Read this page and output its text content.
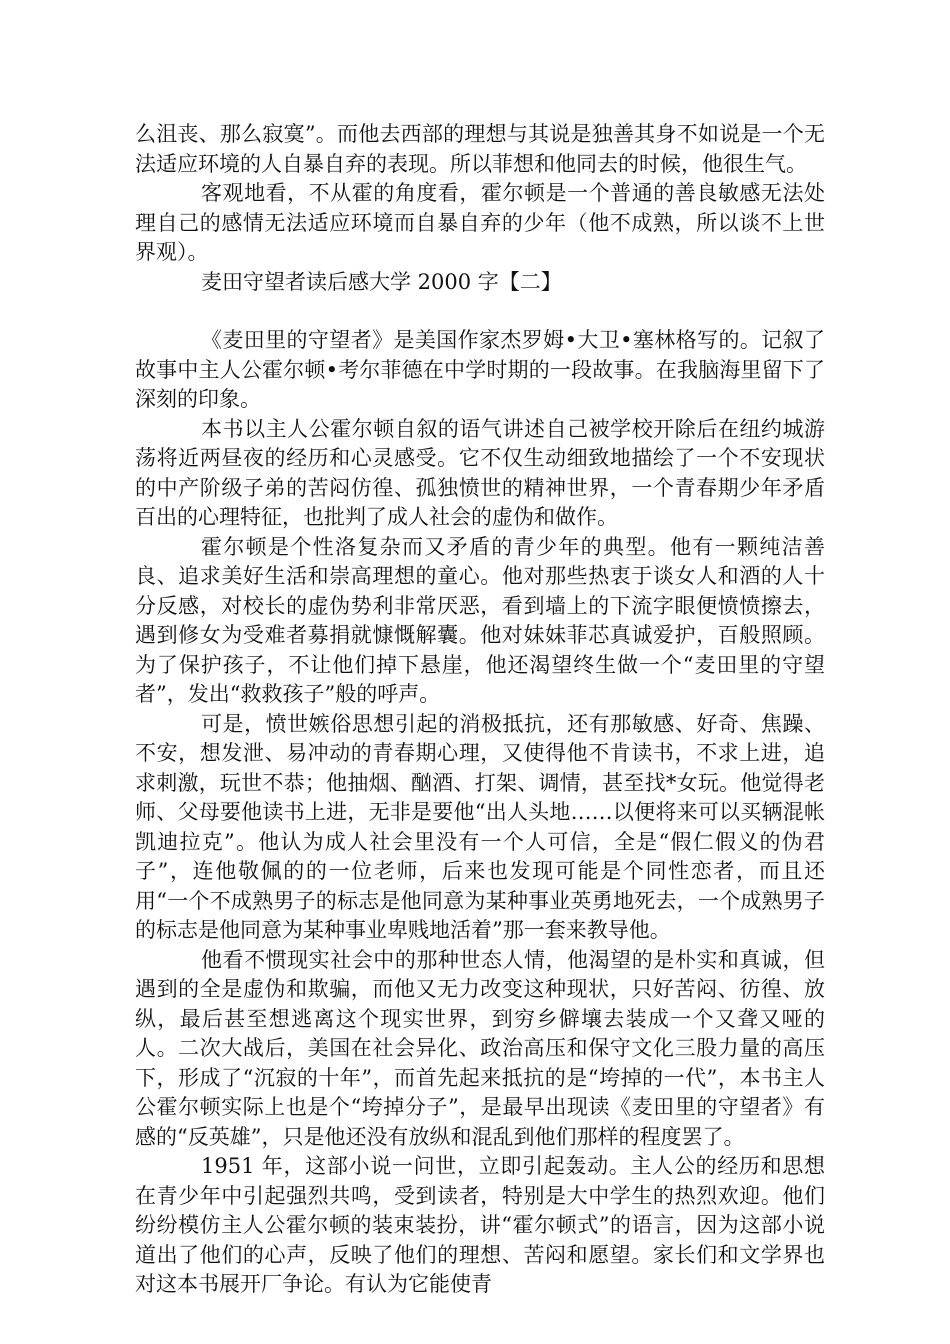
么沮丧、那么寂寞”。而他去西部的理想与其说是独善其身不如说是一个无法适应环境的人自暴自弃的表现。所以菲想和他同去的时候，他很生气。

客观地看，不从霍的角度看，霍尔顿是一个普通的善良敏感无法处理自己的感情无法适应环境而自暴自弃的少年（他不成熟，所以谈不上世界观）。

麦田守望者读后感大学 2000 字【二】

《麦田里的守望者》是美国作家杰罗姆•大卫•塞林格写的。记叙了故事中主人公霍尔顿•考尔菲德在中学时期的一段故事。在我脑海里留下了深刻的印象。

本书以主人公霍尔顿自叙的语气讲述自己被学校开除后在纽约城游荡将近两昼夜的经历和心灵感受。它不仅生动细致地描绘了一个不安现状的中产阶级子弟的苦闷仿徨、孤独愤世的精神世界，一个青春期少年矛盾百出的心理特征，也批判了成人社会的虚伪和做作。

霍尔顿是个性洛复杂而又矛盾的青少年的典型。他有一颗纯洁善良、追求美好生活和崇高理想的童心。他对那些热衷于谈女人和酒的人十分反感，对校长的虚伪势利非常厌恶，看到墙上的下流字眼便愤愤擦去，遇到修女为受难者募捐就慷慨解囊。他对妹妹菲芯真诚爱护，百般照顾。为了保护孩子，不让他们掉下悬崖，他还渴望终生做一个“麦田里的守望者”，发出“救救孩子”般的呼声。

可是，愤世嫉俗思想引起的消极抵抗，还有那敏感、好奇、焦躁、不安，想发泄、易冲动的青春期心理，又使得他不肯读书，不求上进，追求刺激，玩世不恭；他抽烟、酗酒、打架、调情，甚至找*女玩。他觉得老师、父母要他读书上进，无非是要他“出人头地……以便将来可以买辆混帐凯迪拉克”。他认为成人社会里没有一个人可信，全是“假仁假义的伪君子”，连他敬佩的的一位老师，后来也发现可能是个同性恋者，而且还用“一个不成熟男子的标志是他同意为某种事业英勇地死去，一个成熟男子的标志是他同意为某种事业卑贱地活着”那一套来教导他。

他看不惯现实社会中的那种世态人情，他渴望的是朴实和真诚，但遇到的全是虚伪和欺骗，而他又无力改变这种现状，只好苦闷、彷徨、放纵，最后甚至想逃离这个现实世界，到穷乡僻壤去装成一个又聋又哑的人。二次大战后，美国在社会异化、政治高压和保守文化三股力量的高压下，形成了“沉寂的十年”，而首先起来抵抗的是“垮掉的一代”，本书主人公霍尔顿实际上也是个“垮掉分子”，是最早出现读《麦田里的守望者》有感的“反英雄”，只是他还没有放纵和混乱到他们那样的程度罢了。

1951 年，这部小说一问世，立即引起轰动。主人公的经历和思想在青少年中引起强烈共鸣，受到读者，特别是大中学生的热烈欢迎。他们纷纷模仿主人公霍尔顿的装束装扮，讲“霍尔顿式”的语言，因为这部小说道出了他们的心声，反映了他们的理想、苦闷和愿望。家长们和文学界也对这本书展开厂争论。有认为它能使青
